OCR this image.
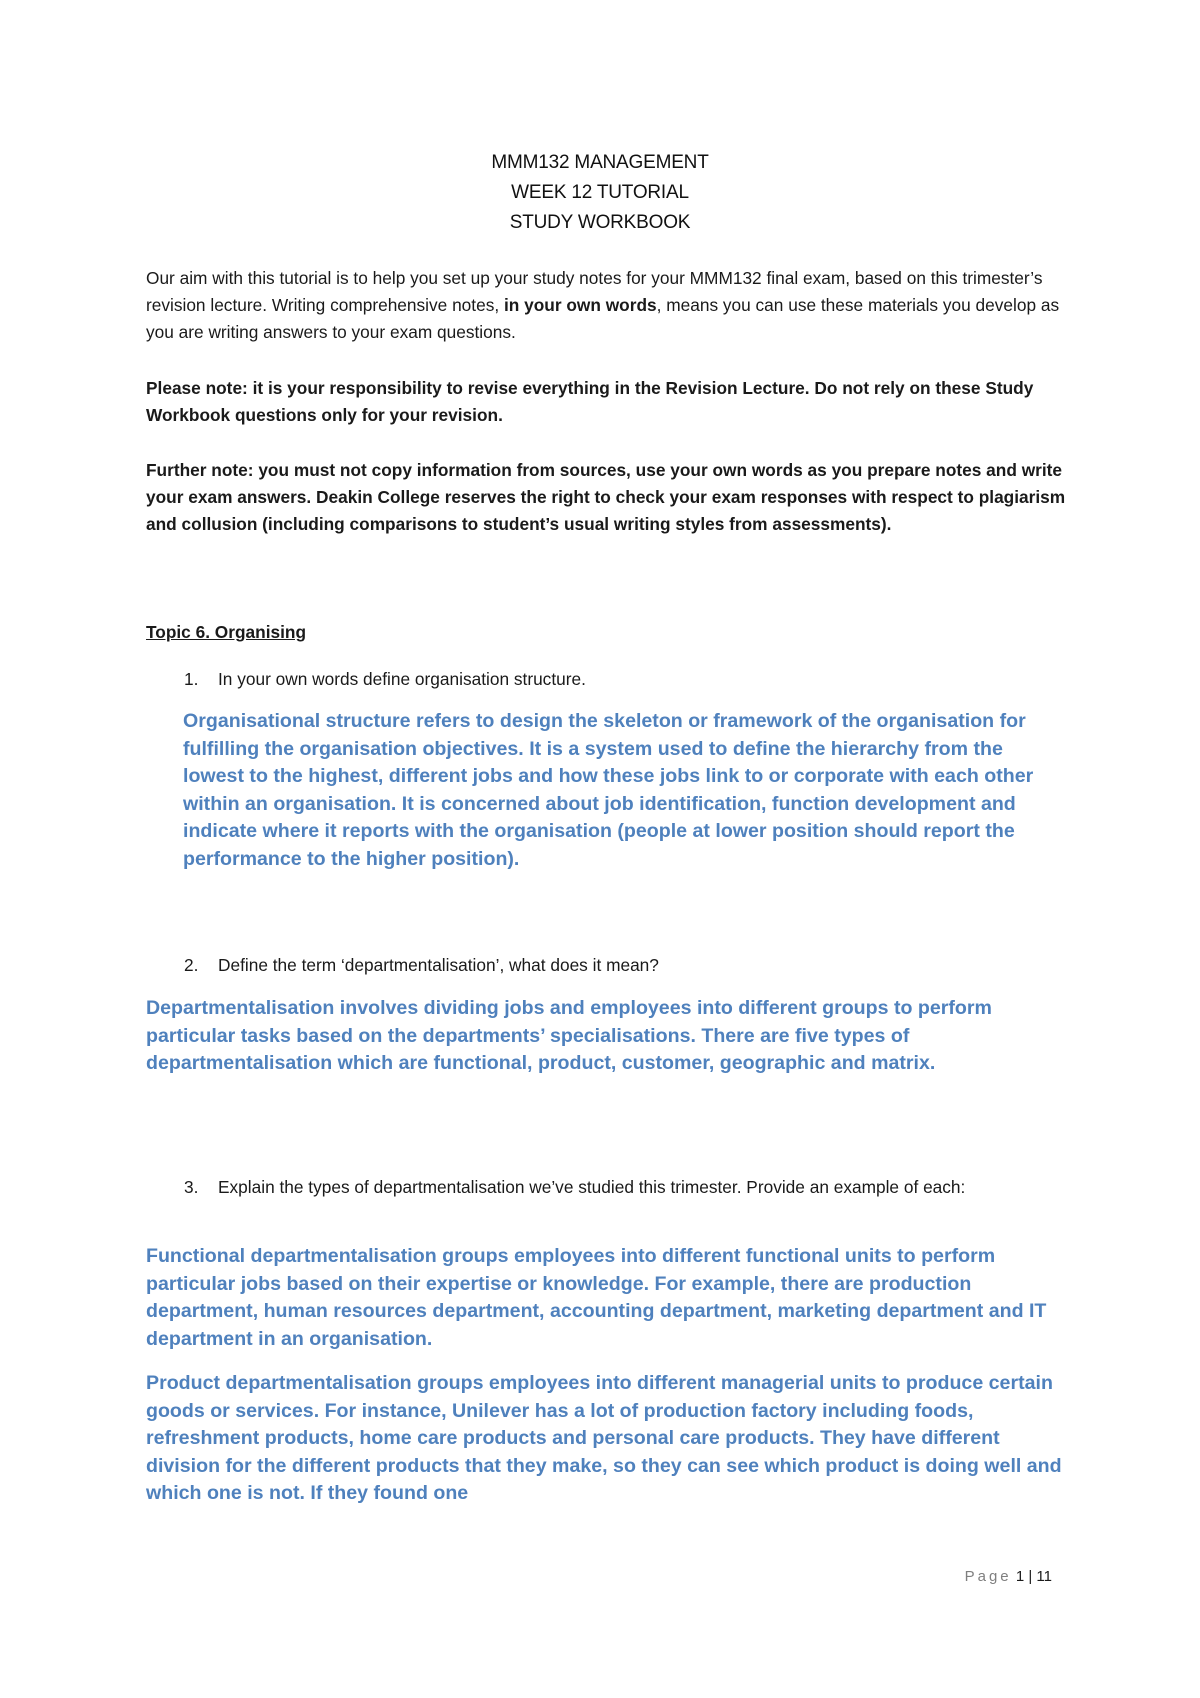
MMM132 MANAGEMENT
WEEK 12 TUTORIAL
STUDY WORKBOOK

Our aim with this tutorial is to help you set up your study notes for your MMM132 final exam, based on this trimester’s revision lecture. Writing comprehensive notes, in your own words, means you can use these materials you develop as you are writing answers to your exam questions.

Please note: it is your responsibility to revise everything in the Revision Lecture. Do not rely on these Study Workbook questions only for your revision.

Further note: you must not copy information from sources, use your own words as you prepare notes and write your exam answers. Deakin College reserves the right to check your exam responses with respect to plagiarism and collusion (including comparisons to student’s usual writing styles from assessments).

Topic 6. Organising
1.	In your own words define organisation structure.

Organisational structure refers to design the skeleton or framework of the organisation for fulfilling the organisation objectives. It is a system used to define the hierarchy from the lowest to the highest, different jobs and how these jobs link to or corporate with each other within an organisation. It is concerned about job identification, function development and indicate where it reports with the organisation (people at lower position should report the performance to the higher position).

2.	Define the term ‘departmentalisation’, what does it mean?

Departmentalisation involves dividing jobs and employees into different groups to perform particular tasks based on the departments’ specialisations. There are five types of departmentalisation which are functional, product, customer, geographic and matrix.

3.	Explain the types of departmentalisation we’ve studied this trimester. Provide an example of each:

Functional departmentalisation groups employees into different functional units to perform particular jobs based on their expertise or knowledge. For example, there are production department, human resources department, accounting department, marketing department and IT department in an organisation.

Product departmentalisation groups employees into different managerial units to produce certain goods or services. For instance, Unilever has a lot of production factory including foods, refreshment products, home care products and personal care products. They have different division for the different products that they make, so they can see which product is doing well and which one is not. If they found one

Page 1 | 11
